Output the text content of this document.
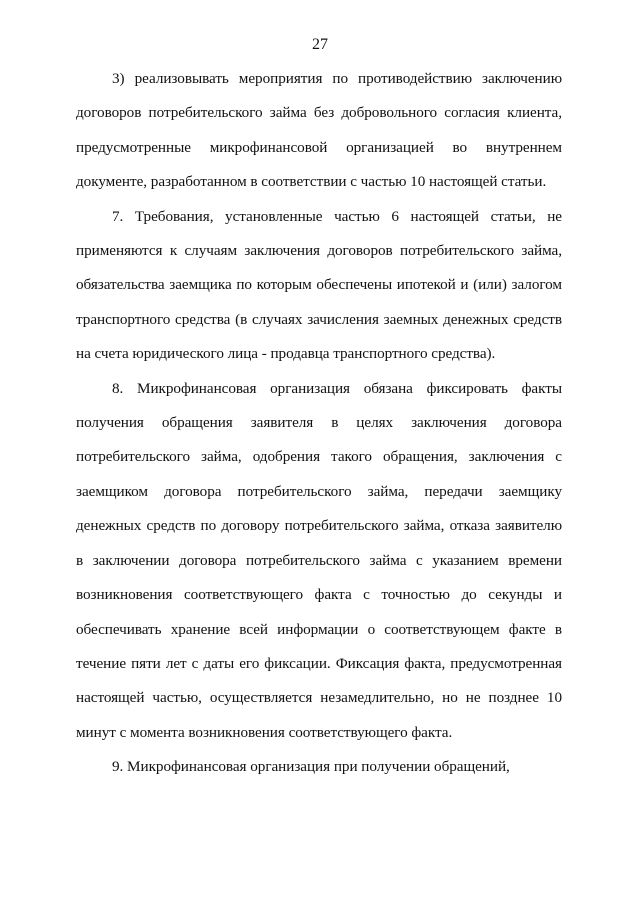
27

3) реализовывать мероприятия по противодействию заключению договоров потребительского займа без добровольного согласия клиента, предусмотренные микрофинансовой организацией во внутреннем документе, разработанном в соответствии с частью 10 настоящей статьи.

7. Требования, установленные частью 6 настоящей статьи, не применяются к случаям заключения договоров потребительского займа, обязательства заемщика по которым обеспечены ипотекой и (или) залогом транспортного средства (в случаях зачисления заемных денежных средств на счета юридического лица - продавца транспортного средства).

8. Микрофинансовая организация обязана фиксировать факты получения обращения заявителя в целях заключения договора потребительского займа, одобрения такого обращения, заключения с заемщиком договора потребительского займа, передачи заемщику денежных средств по договору потребительского займа, отказа заявителю в заключении договора потребительского займа с указанием времени возникновения соответствующего факта с точностью до секунды и обеспечивать хранение всей информации о соответствующем факте в течение пяти лет с даты его фиксации. Фиксация факта, предусмотренная настоящей частью, осуществляется незамедлительно, но не позднее 10 минут с момента возникновения соответствующего факта.

9. Микрофинансовая организация при получении обращений,
